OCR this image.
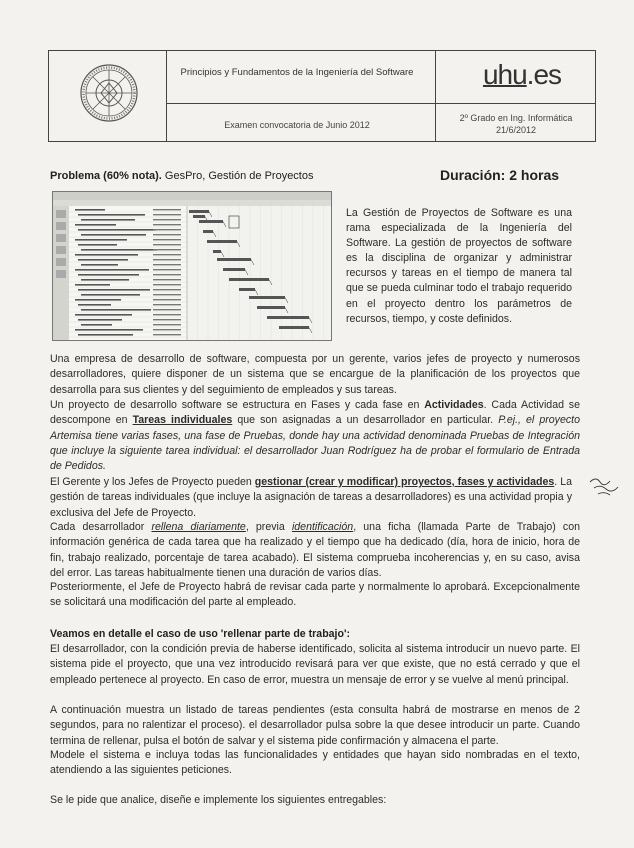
Principios y Fundamentos de la Ingeniería del Software	uhu.es
Examen convocatoria de Junio 2012
2º Grado en Ing. Informática
21/6/2012
Problema (60% nota). GesPro, Gestión de Proyectos	Duración: 2 horas
La Gestión de Proyectos de Software es una rama especializada de la Ingeniería del Software. La gestión de proyectos de software es la disciplina de organizar y administrar recursos y tareas en el tiempo de manera tal que se pueda culminar todo el trabajo requerido en el proyecto dentro los parámetros de recursos, tiempo, y coste definidos.

Una empresa de desarrollo de software, compuesta por un gerente, varios jefes de proyecto y numerosos desarrolladores, quiere disponer de un sistema que se encargue de la planificación de los proyectos que desarrolla para sus clientes y del seguimiento de empleados y sus tareas.

Un proyecto de desarrollo software se estructura en Fases y cada fase en Actividades. Cada Actividad se descompone en Tareas individuales que son asignadas a un desarrollador en particular. P.ej., el proyecto Artemisa tiene varias fases, una fase de Pruebas, donde hay una actividad denominada Pruebas de Integración que incluye la siguiente tarea individual: el desarrollador Juan Rodríguez ha de probar el formulario de Entrada de Pedidos.

El Gerente y los Jefes de Proyecto pueden gestionar (crear y modificar) proyectos, fases y actividades. La gestión de tareas individuales (que incluye la asignación de tareas a desarrolladores) es una actividad propia y exclusiva del Jefe de Proyecto.

Cada desarrollador rellena diariamente, previa identificación, una ficha (llamada Parte de Trabajo) con información genérica de cada tarea que ha realizado y el tiempo que ha dedicado (día, hora de inicio, hora de fin, trabajo realizado, porcentaje de tarea acabado). El sistema comprueba incoherencias y, en su caso, avisa del error. Las tareas habitualmente tienen una duración de varios días.

Posteriormente, el Jefe de Proyecto habrá de revisar cada parte y normalmente lo aprobará. Excepcionalmente se solicitará una modificación del parte al empleado.

Veamos en detalle el caso de uso 'rellenar parte de trabajo':

El desarrollador, con la condición previa de haberse identificado, solicita al sistema introducir un nuevo parte. El sistema pide el proyecto, que una vez introducido revisará para ver que existe, que no está cerrado y que el empleado pertenece al proyecto. En caso de error, muestra un mensaje de error y se vuelve al menú principal.

A continuación muestra un listado de tareas pendientes (esta consulta habrá de mostrarse en menos de 2 segundos, para no ralentizar el proceso). el desarrollador pulsa sobre la que desee introducir un parte. Cuando termina de rellenar, pulsa el botón de salvar y el sistema pide confirmación y almacena el parte.

Modele el sistema e incluya todas las funcionalidades y entidades que hayan sido nombradas en el texto, atendiendo a las siguientes peticiones.

Se le pide que analice, diseñe e implemente los siguientes entregables:
